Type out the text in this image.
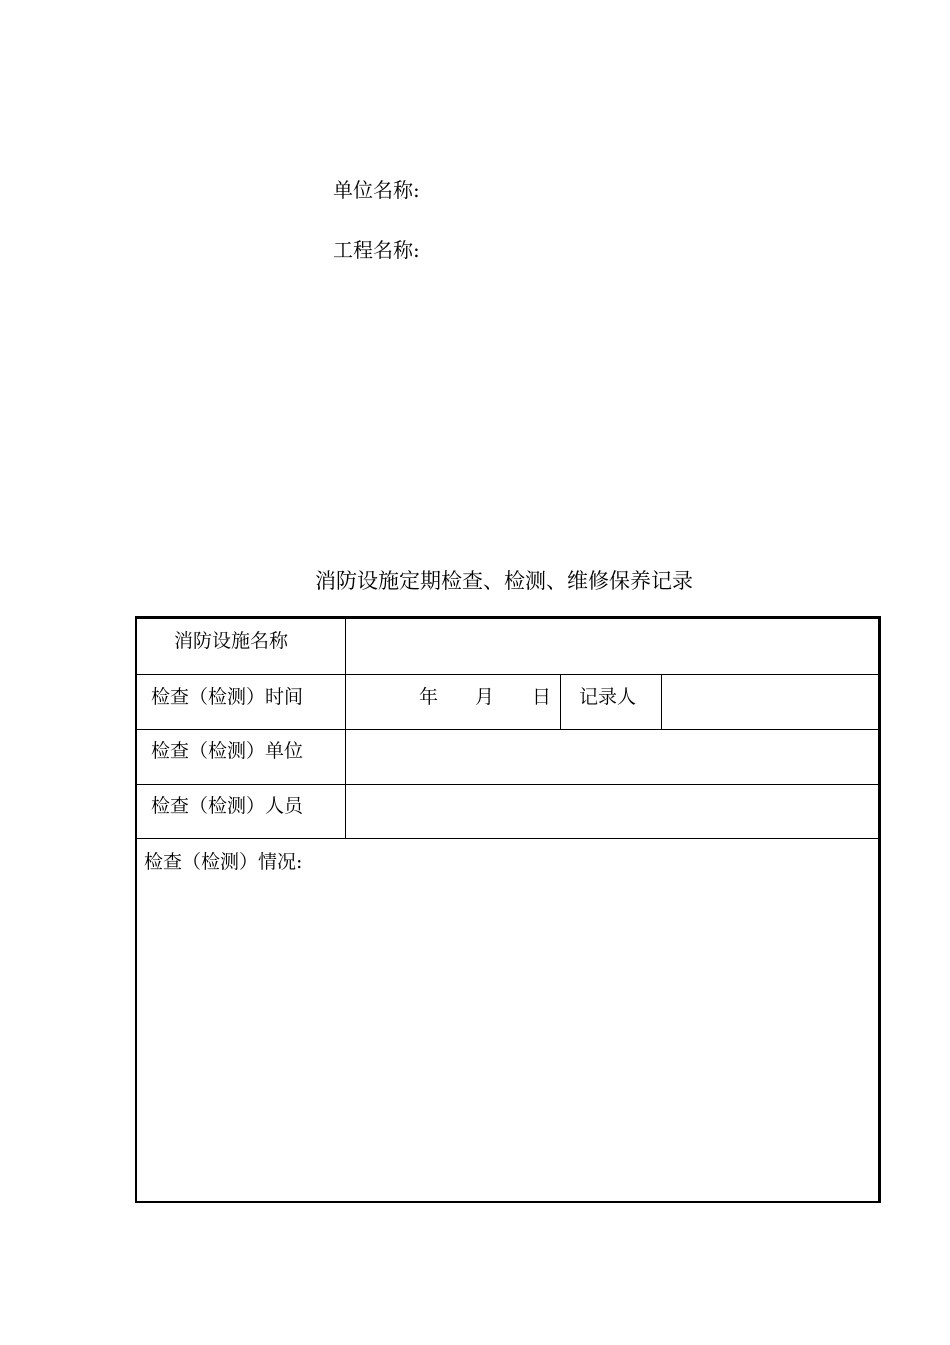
单位名称:
工程名称:
消防设施定期检查、检测、维修保养记录
消防设施名称
检查（检测）时间	年 月 日 记录人
检查（检测）单位
检查（检测）人员
检查（检测）情况:
